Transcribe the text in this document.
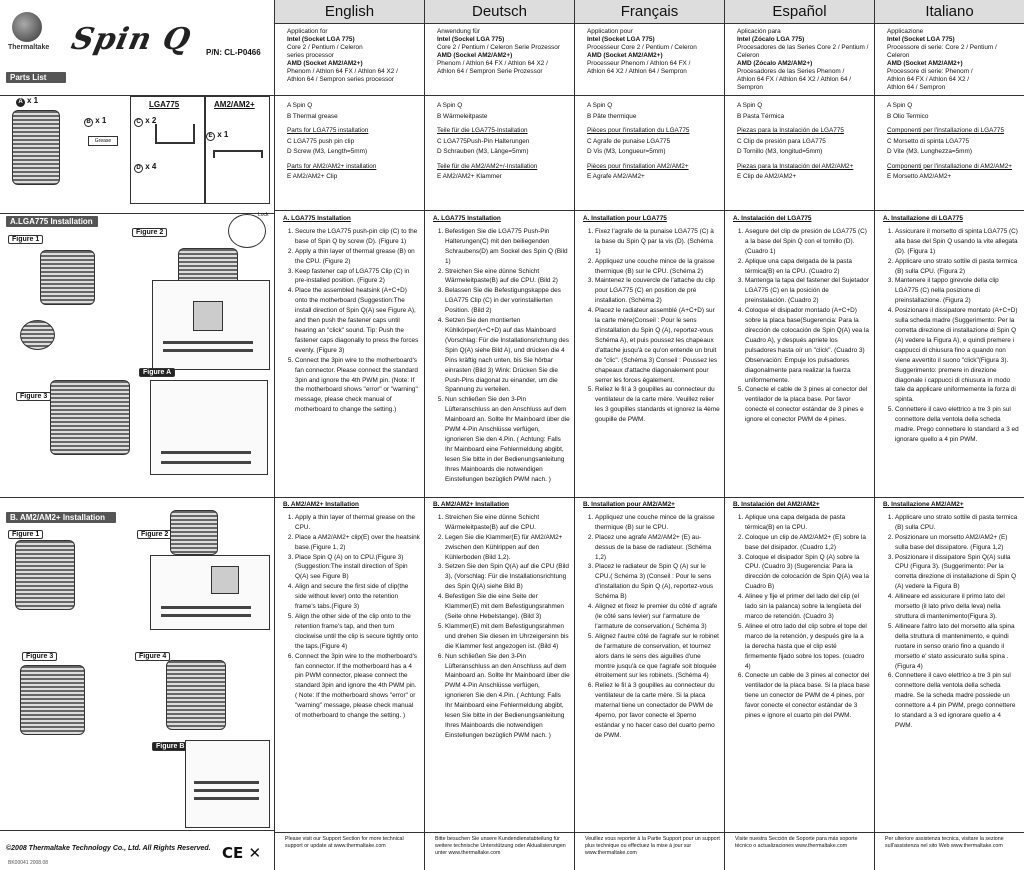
Thermaltake Spin Q P/N: CL-P0466
Parts List
A x 1
B x 1
Grease
C x 2
D x 4
E x 1
LGA775	AM2/AM2+
A.LGA775 Installation
Figure 1
Figure 2
Lock
Figure A
Figure 3
B. AM2/AM2+ Installation
Figure 1	Figure 2
Figure 3	Figure 4
Figure B
©2008 Thermaltake Technology Co., Ltd. All Rights Reserved.
BK00041 2008.08
CE ✕
English
Application for
Intel (Socket LGA 775)
Core 2 / Pentium / Celeron
series processor
AMD (Socket AM2/AM2+)
Phenom / Athlon 64 FX / Athlon 64 X2 /
Athlon 64 / Sempron series processor
A Spin Q
B Thermal grease
Parts for LGA775 installation
C LGA775 push pin clip
D Screw (M3, Length=5mm)
Parts for AM2/AM2+ installation
E AM2/AM2+ Clip
A. LGA775 Installation
1. Secure the LGA775 push-pin clip (C) to the base of Spin Q by screw (D). (Figure 1)
2. Apply a thin layer of thermal grease (B) on the CPU. (Figure 2)
3. Keep fastener cap of LGA775 Clip (C) in pre-installed position. (Figure 2)
4. Place the assembled heatsink (A+C+D) onto the motherboard (Suggestion:The install direction of Spin Q(A) see Figure A), and then push the fastener caps until hearing an "click" sound. Tip: Push the fastener caps diagonally to press the forces evenly. (Figure 3)
5. Connect the 3pin wire to the motherboard's fan connector. Please connect the standard 3pin and ignore the 4th PWM pin. (Note: If the motherboard shows "error" or "warning" message, please check manual of motherboard to change the setting.)
B. AM2/AM2+ Installation
1. Apply a thin layer of thermal grease on the CPU.
2. Place a AM2/AM2+ clip(E) over the heatsink base.(Figure 1, 2)
3. Place Spin Q (A) on to CPU.(Figure 3) (Suggestion:The install direction of Spin Q(A) see Figure B)
4. Align and secure the first side of clip(the side without lever) onto the retention frame's tabs.(Figure 3)
5. Align the other side of the clip onto to the retention frame's tap, and then turn clockwise until the clip is secure tightly onto the taps.(Figure 4)
6. Connect the 3pin wire to the motherboard's fan connector. If the motherboard has a 4 pin PWM connector, please connect the standard 3pin and ignore the 4th PWM pin. ( Note: If the motherboard shows "error" or "warning" message, please check manual of motherboard to change the setting. )
Please visit our Support Section for more technical support or update at www.thermaltake.com
Deutsch
Anwendung für
Intel (Sockel LGA 775)
Core 2 / Pentium / Celeron Serie Prozessor
AMD (Sockel AM2/AM2+)
Phenom / Athlon 64 FX / Athlon 64 X2 /
Athlon 64 / Sempron Serie Prozessor
A Spin Q
B Wärmeleitpaste
Teile für die LGA775-Installation
C LGA775Push-Pin Halterungen
D Schrauben (M3, Länge=5mm)
Teile für die AM2/AM2+/-Installation
E AM2/AM2+ Klammer
A. LGA775 Installation
1. Befestigen Sie die LGA775 Push-Pin Halterungen(C) mit den beiliegenden Schraubens(D) am Sockel des Spin Q (Bild 1)
2. Streichen Sie eine dünne Schicht Wärmeleitpaste(B) auf die CPU. (Bild 2)
3. Belassen Sie die Befestigungskappe des LGA775 Clip (C) in der vorinstallierten Position. (Bild 2)
4. Setzen Sie den montierten Kühlkörper(A+C+D) auf das Mainboard (Vorschlag: Für die Installationsrichtung des Spin Q(A) siehe Bild A), und drücken die 4 Pins kräftig nach unten, bis Sie hörbar einrasten (Bild 3) Wink: Drücken Sie die Push-Pins diagonal zu einander, um die Spannung zu verteilen.
5. Nun schließen Sie den 3-Pin Lüfteranschluss an den Anschluss auf dem Mainboard an. Sollte Ihr Mainboard über die PWM 4-Pin Anschlüsse verfügen, ignorieren Sie den 4.Pin. ( Achtung: Falls Ihr Mainboard eine Fehlermeldung abgibt, lesen Sie bitte in der Bedienungsanleitung Ihres Mainboards die notwendigen Einstellungen bezüglich PWM nach. )
B. AM2/AM2+ Installation
1. Streichen Sie eine dünne Schicht Wärmeleitpaste(B) auf die CPU.
2. Legen Sie die Klammer(E) für AM2/AM2+ zwischen den Kühlrippen auf den Kühlerboden (Bild 1,2).
3. Setzen Sie den Spin Q(A) auf die CPU (Bild 3), (Vorschlag: Für die Installationsrichtung des Spin Q(A) siehe Bild B)
4. Befestigen Sie die eine Seite der Klammer(E) mit dem Befestigungsrahmen (Seite ohne Hebelstange). (Bild 3)
5. Klammer(E) mit dem Befestigungsrahmen und drehen Sie diesen im Uhrzeigersinn bis die Klammer fest angezogen ist. (Bild 4)
6. Nun schließen Sie den 3-Pin Lüfteranschluss an den Anschluss auf dem Mainboard an. Sollte Ihr Mainboard über die PWM 4-Pin Anschlüsse verfügen, ignorieren Sie den 4.Pin. ( Achtung: Falls Ihr Mainboard eine Fehlermeldung abgibt, lesen Sie bitte in der Bedienungsanleitung Ihres Mainboards die notwendigen Einstellungen bezüglich PWM nach. )
Bitte besuchen Sie unsere Kundendienstabteilung für weitere technische Unterstützung oder Aktualisierungen unter www.thermaltake.com
Français
Application pour
Intel (Socket LGA 775)
Processeur Core 2 / Pentium / Celeron
AMD (Socket AM2/AM2+)
Processeur Phenom / Athlon 64 FX /
Athlon 64 X2 / Athlon 64 / Sempron
A Spin Q
B Pâte thermique
Pièces pour l'installation du LGA775
C Agrafe de punaise LGA775
D Vis (M3, Longueur=5mm)
Pièces pour l'installation AM2/AM2+
E Agrafe AM2/AM2+
A. Installation pour LGA775
1. Fixez l'agrafe de la punaise LGA775 (C) à la base du Spin Q par la vis (D). (Schéma 1)
2. Appliquez une couche mince de la graisse thermique (B) sur le CPU. (Schéma 2)
3. Maintenez le couvercle de l'attache du clip pour LGA775 (C) en position de pré installation. (Schéma 2)
4. Placez le radiateur assemblé (A+C+D) sur la carte mère(Conseil : Pour le sens d'installation du Spin Q (A), reportez-vous Schéma A), et puis poussez les chapeaux d'attache jusqu'à ce qu'on entende un bruit de "clic". (Schéma 3) Conseil : Poussez les chapeaux d'attache diagonalement pour serrer les forces également.
5. Reliez le fil à 3 goupilles au connecteur du ventilateur de la carte mère. Veuillez relier les 3 goupilles standards et ignorez la 4ème goupille de PWM.
B. Installation pour AM2/AM2+
1. Appliquez une couche mince de la graisse thermique (B) sur le CPU.
2. Placez une agrafe AM2/AM2+ (E) au-dessus de la base de radiateur. (Schéma 1,2)
3. Placez le radiateur de Spin Q (A) sur le CPU.( Schéma 3) (Conseil : Pour le sens d'installation du Spin Q (A), reportez-vous Schéma B)
4. Alignez et fixez le premier du côté d' agrafe (le côté sans levier) sur l'armature de l'armature de conservation.( Schéma 3)
5. Alignez l'autre côté de l'agrafe sur le robinet de l'armature de conservation, et tournez alors dans le sens des aiguilles d'une montre jusqu'à ce que l'agrafe soit bloquée étroitement sur les robinets. (Schéma 4)
6. Reliez le fil à 3 goupilles au connecteur du ventilateur de la carte mère. Si la placa maternal tiene un conectador de PWM de 4perno, por favor conecte el 3perno estándar y no hacer caso del cuarto perno de PWM.
Veuillez vous reporter à la Partie Support pour un support plus technique ou effectuez la mise à jour sur www.thermaltake.com
Español
Aplicación para
Intel (Zócalo LGA 775)
Procesadores de las Series Core 2 / Pentium / Celeron
AMD (Zócalo AM2/AM2+)
Procesadores de las Series Phenom /
Athlon 64 FX / Athlon 64 X2 / Athlon 64 /
Sempron
A Spin Q
B Pasta Térmica
Piezas para la Instalación de LGA775
C Clip de presión para LGA775
D Tornillo (M3, longitud=5mm)
Piezas para la Instalación del AM2/AM2+
E Clip de AM2/AM2+
A. Instalación del LGA775
1. Asegure del clip de presión de LGA775 (C) a la base del Spin Q con el tornillo (D). (Cuadro 1)
2. Aplique una capa delgada de la pasta térmica(B) en la CPU. (Cuadro 2)
3. Mantenga la tapa del fastener del Sujetador LGA775 (C) en la posición de preinstalación. (Cuadro 2)
4. Coloque el disipador montado (A+C+D) sobre la placa base(Sugerencia: Para la dirección de colocación de Spin Q(A) vea la Cuadro A), y después apriete los pulsadores hasta oír un "click". (Cuadro 3) Observación: Empuje los pulsadores diagonalmente para realizar la fuerza uniformemente.
5. Conecte el cable de 3 pines al conector del ventilador de la placa base. Por favor conecte el conector estándar de 3 pines e ignore el conector PWM de 4 pines.
B. Instalación del AM2/AM2+
1. Aplique una capa delgada de pasta térmica(B) en la CPU.
2. Coloque un clip de AM2/AM2+ (E) sobre la base del disipador. (Cuadro 1,2)
3. Coloque el disipador Spin Q (A) sobre la CPU. (Cuadro 3) (Sugerencia: Para la dirección de colocación de Spin Q(A) vea la Cuadro B)
4. Alinee y fije el primer del lado del clip (el lado sin la palanca) sobre la lengüeta del marco de retención. (Cuadro 3)
5. Alinee el otro lado del clip sobre el tope del marco de la retención, y después gire la a la derecha hasta que el clip esté firmemente fijado sobre los topes. (cuadro 4)
6. Conecte un cable de 3 pines al conector del ventilador de la placa base. Si la placa base tiene un conector de PWM de 4 pines, por favor conecte el conector estándar de 3 pines e ignore el cuarto pin del PWM.
Visite nuestra Sección de Soporte para más soporte técnico o actualizaciones www.thermaltake.com
Italiano
Applicazione
Intel (Socket LGA 775)
Processore di serie: Core 2 / Pentium / Celeron
AMD (Socket AM2/AM2+)
Processore di serie: Phenom /
Athlon 64 FX / Athlon 64 X2 /
Athlon 64 / Sempron
A Spin Q
B Olio Termico
Componenti per l'installazione di LGA775
C Morsetto di spinta LGA775
D Vite (M3, Lunghezza=5mm)
Componenti per l'installazione di AM2/AM2+
E Morsetto AM2/AM2+
A. Installazione di LGA775
1. Assicurare il morsetto di spinta LGA775 (C) alla base del Spin Q usando la vite allegata (D). (Figura 1)
2. Applicare uno strato sottile di pasta termica (B) sulla CPU. (Figura 2)
3. Mantenere il tappo girevole della clip LGA775 (C) nella posizione di preinstallazione. (Figura 2)
4. Posizionare il dissipatore montato (A+C+D) sulla scheda madre (Suggerimento: Per la corretta direzione di installazione di Spin Q (A) vedere la Figura A), e quindi premere i cappucci di chiusura fino a quando non viene avvertito il suono "click"(Figura 3). Suggerimento: premere in direzione diagonale i cappucci di chiusura in modo tale da applicare uniformemente la forza di spinta.
5. Connettere il cavo elettrico a tre 3 pin sul connettore della ventola della scheda madre. Prego connettere lo standard a 3 ed ignorare quello a 4 pin PWM.
B. Installazione AM2/AM2+
1. Applicare uno strato sottile di pasta termica (B) sulla CPU.
2. Posizionare un morsetto AM2/AM2+ (E) sulla base del dissipatore. (Figura 1,2)
3. Posizionare il dissipatore Spin Q(A) sulla CPU (Figura 3). (Suggerimento: Per la corretta direzione di installazione di Spin Q (A) vedere la Figura B)
4. Allineare ed assicurare il primo lato del morsetto (il lato privo della leva) nella struttura di mantenimento(Figura 3).
5. Allineare l'altro lato del morsetto alla spina della struttura di mantenimento, e quindi ruotare in senso orario fino a quando il morsetto e' stato assicurato sulla spina .(Figura 4)
6. Connettere il cavo elettrico a tre 3 pin sul connettore della ventola della scheda madre. Se la scheda madre possiede un connettore a 4 pin PWM, prego connettere lo standard a 3 ed ignorare quello a 4 PWM.
Per ulteriore assistenza tecnica, visitare la sezione sull'assistenza nel sito Web www.thermaltake.com
